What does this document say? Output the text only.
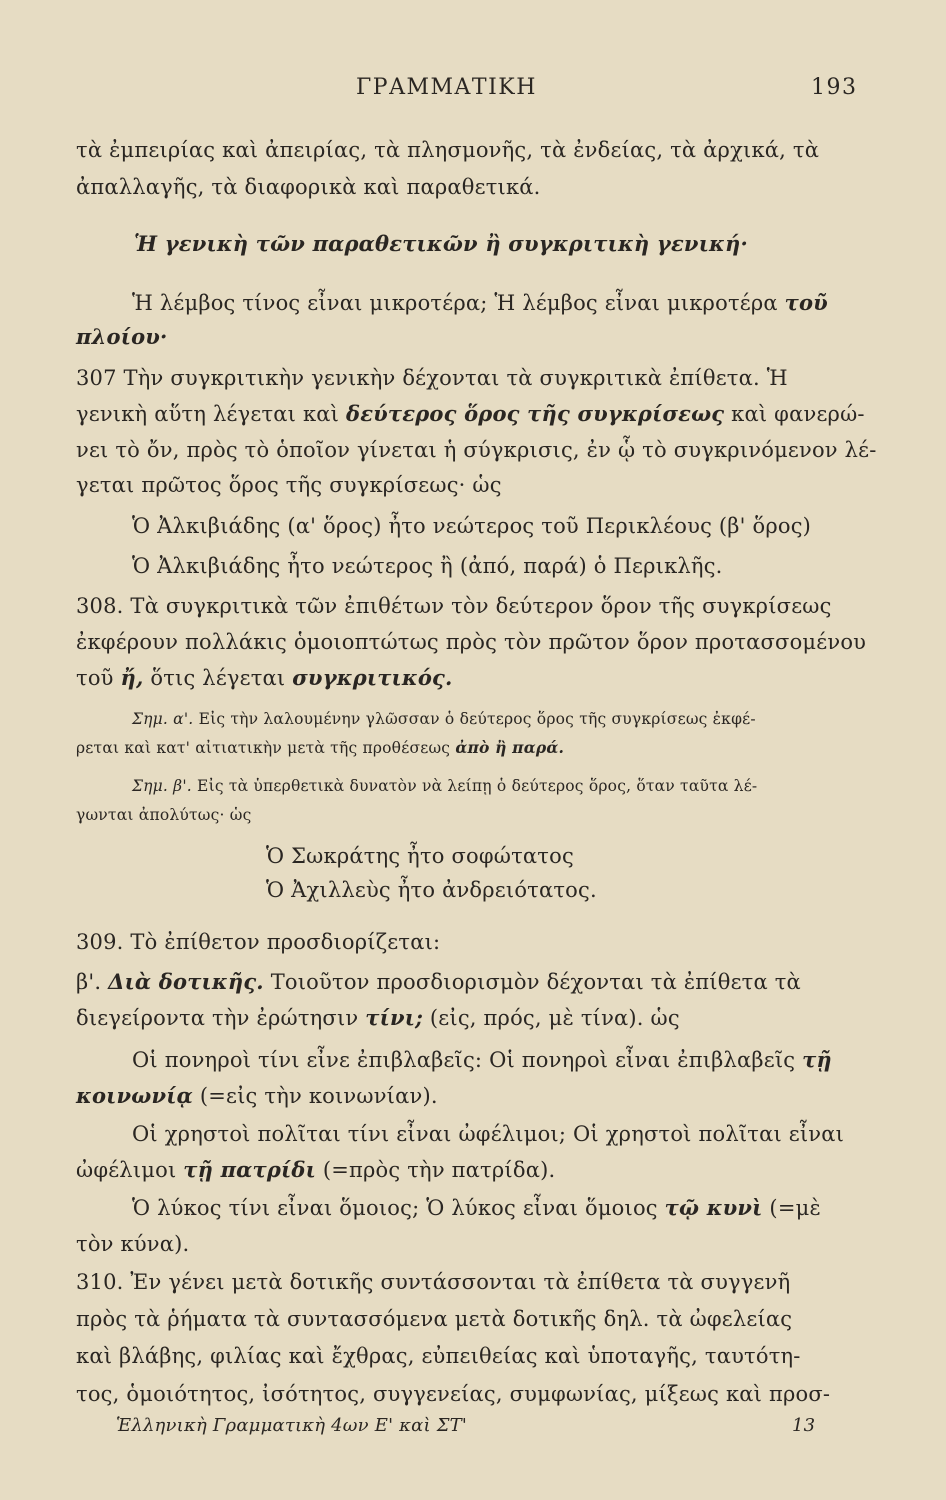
ΓΡΑΜΜΑΤΙΚΗ	193
τὰ ἐμπειρίας καὶ ἀπειρίας, τὰ πλησμονῆς, τὰ ἐνδείας, τὰ ἀρχικά, τὰ
ἀπαλλαγῆς, τὰ διαφορικὰ καὶ παραθετικά.
Ἡ γενικὴ τῶν παραθετικῶν ἢ συγκριτικὴ γενική·
Ἡ λέμβος τίνος εἶναι μικροτέρα; Ἡ λέμβος εἶναι μικροτέρα τοῦ
πλοίου·
307 Τὴν συγκριτικὴν γενικὴν δέχονται τὰ συγκριτικὰ ἐπίθετα. Ἡ
γενικὴ αὕτη λέγεται καὶ δεύτερος ὅρος τῆς συγκρίσεως καὶ φανερώ-
νει τὸ ὄν, πρὸς τὸ ὁποῖον γίνεται ἡ σύγκρισις, ἐν ᾧ τὸ συγκρινόμενον λέ-
γεται πρῶτος ὅρος τῆς συγκρίσεως· ὡς
Ὁ Ἀλκιβιάδης (α' ὅρος) ἦτο νεώτερος τοῦ Περικλέους (β' ὅρος)
Ὁ Ἀλκιβιάδης ἦτο νεώτερος ἢ (ἀπό, παρά) ὁ Περικλῆς.
308. Τὰ συγκριτικὰ τῶν ἐπιθέτων τὸν δεύτερον ὅρον τῆς συγκρίσεως
ἐκφέρουν πολλάκις ὁμοιοπτώτως πρὸς τὸν πρῶτον ὅρον προτασσομένου
τοῦ ἤ, ὅτις λέγεται συγκριτικός.
Σημ. α'. Εἰς τὴν λαλουμένην γλῶσσαν ὁ δεύτερος ὅρος τῆς συγκρίσεως ἐκφέ-
ρεται καὶ κατ' αἰτιατικὴν μετὰ τῆς προθέσεως ἀπὸ ἢ παρά.
Σημ. β'. Εἰς τὰ ὑπερθετικὰ δυνατὸν νὰ λείπῃ ὁ δεύτερος ὅρος, ὅταν ταῦτα λέ-
γωνται ἀπολύτως· ὡς
Ὁ Σωκράτης ἦτο σοφώτατος
Ὁ Ἀχιλλεὺς ἦτο ἀνδρειότατος.
309. Τὸ ἐπίθετον προσδιορίζεται:
β'. Διὰ δοτικῆς. Τοιοῦτον προσδιορισμὸν δέχονται τὰ ἐπίθετα τὰ
διεγείροντα τὴν ἐρώτησιν τίνι; (εἰς, πρός, μὲ τίνα). ὡς
Οἱ πονηροὶ τίνι εἶνε ἐπιβλαβεῖς: Οἱ πονηροὶ εἶναι ἐπιβλαβεῖς τῇ
κοινωνίᾳ (=εἰς τὴν κοινωνίαν).
Οἱ χρηστοὶ πολῖται τίνι εἶναι ὠφέλιμοι; Οἱ χρηστοὶ πολῖται εἶναι
ὠφέλιμοι τῇ πατρίδι (=πρὸς τὴν πατρίδα).
Ὁ λύκος τίνι εἶναι ὅμοιος; Ὁ λύκος εἶναι ὅμοιος τῷ κυνὶ (=μὲ
τὸν κύνα).
310. Ἐν γένει μετὰ δοτικῆς συντάσσονται τὰ ἐπίθετα τὰ συγγενῆ
πρὸς τὰ ῥήματα τὰ συντασσόμενα μετὰ δοτικῆς δηλ. τὰ ὠφελείας
καὶ βλάβης, φιλίας καὶ ἔχθρας, εὐπειθείας καὶ ὑποταγῆς, ταυτότη-
τος, ὁμοιότητος, ἰσότητος, συγγενείας, συμφωνίας, μίξεως καὶ προσ-
Ἑλληνικὴ Γραμματικὴ 4ων Ε' καὶ ΣΤ'	13
